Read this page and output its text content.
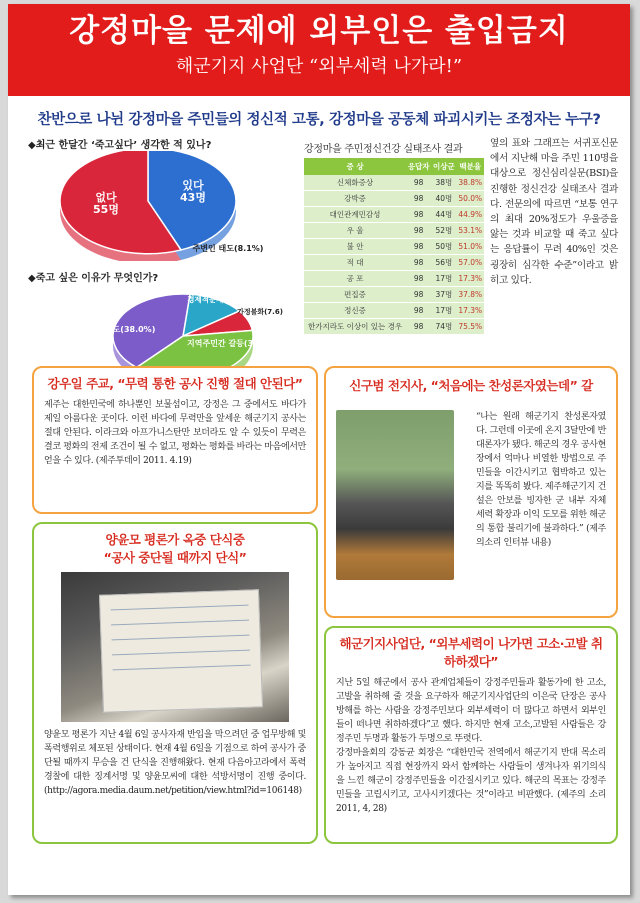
강정마을 문제에 외부인은 출입금지
해군기지 사업단 “외부세력 나가라!”
찬반으로 나뉜 강정마을 주민들의 정신적 고통, 강정마을 공동체 파괴시키는 조정자는 누구?
◆최근 한달간 ‘죽고싶다’ 생각한 적 있나?
있다
43명
없다
55명
주변인 태도(8.1%)
◆죽고 싶은 이유가 무엇인가?
경제적문제(12.6)
가정불화(7.6)
지역주민간 갈등(36.7%)
정부나 도의 태도(38.0%)
강정마을 주민정신건강 실태조사 결과
증 상	응답자	이상군	백분율
신체화증상	98	38명	38.8%
강박증	98	40명	50.0%
대인관계민감성	98	44명	44.9%
우 울	98	52명	53.1%
불 안	98	50명	51.0%
적 대	98	56명	57.0%
공 포	98	17명	17.3%
편집증	98	37명	37.8%
정신증	98	17명	17.3%
한가지라도 이상이 있는 경우	98	74명	75.5%
옆의 표와 그래프는 서귀포신문에서 지난해 마을 주민 110명을 대상으로 정신심리실문(BSI)을 진행한 정신건강 실태조사 결과다. 전문의에 따르면 “보통 연구의 최대 20%정도가 우울증을 앓는 것과 비교할 때 죽고 싶다는 응답률이 무려 40%인 것은 굉장히 심각한 수준”이라고 밝히고 있다.
강우일 주교, “무력 통한 공사 진행 절대 안된다”
제주는 대한민국에 하나뿐인 보물섬이고, 강정은 그 중에서도 바다가 제일 아름다운 곳이다. 이런 바다에 무력만을 앞세운 해군기지 공사는 절대 안된다. 이라크와 아프가니스탄만 보더라도 알 수 있듯이 무력은 결코 평화의 전제 조건이 될 수 없고, 평화는 평화를 바라는 마음에서만 얻을 수 있다. (제주투데이 2011. 4.19)
신구범 전지사, “처음에는 찬성론자였는데” 갈
“나는 원래 해군기지 찬성론자였다. 그런데 이곳에 온지 3달만에 반대론자가 됐다. 해군의 경우 공사현장에서 억마나 비열한 방법으로 주민들을 이간시키고 협박하고 있는 지를 똑똑히 봤다. 제주해군기지 건설은 안보를 빙자한 군 내부 자체 세력 확장과 이익 도모를 위한 해군의 통합 불리기에 불과하다.” (제주의소리 인터뷰 내용)
양윤모 평론가 옥중 단식중
“공사 중단될 때까지 단식”
양윤모 평론가 지난 4월 6일 공사자재 반입을 막으려던 중 업무방해 및 폭력행위로 체포된 상태이다. 현재 4월 6일을 기점으로 하여 공사가 중단될 때까지 무승을 건 단식을 진행해왔다. 현재 다음아고라에서 폭력경찰에 대한 징계서명 및 양윤모씨에 대한 석방서명이 진행 중이다.(http://agora.media.daum.net/petition/view.html?id=106148)
해군기지사업단, “외부세력이 나가면 고소·고발 취하하겠다”
지난 5일 해군에서 공사 관계업체들이 강정주민들과 활동가에 한 고소, 고발을 취하해 줄 것을 요구하자 해군기지사업단의 이은국 단장은 공사방해를 하는 사람을 강정주민보다 외부세력이 더 많다고 하면서 외부인들이 떠나면 취하하겠다”고 했다. 하지만 현재 고소,고발된 사람들은 강정주민 두명과 활동가 두명으로 뚜렷다.
강정마을회의 강동균 회장은 “대한민국 전역에서 해군기지 반대 목소리가 높아지고 직접 현장까지 와서 함께하는 사람들이 생겨나자 위기의식을 느낀 해군이 강정주민들을 이간질시키고 있다. 해군의 목표는 강정주민들을 고립시키고, 고사시키겠다는 것”이라고 비판했다. (제주의 소리 2011, 4, 28)
